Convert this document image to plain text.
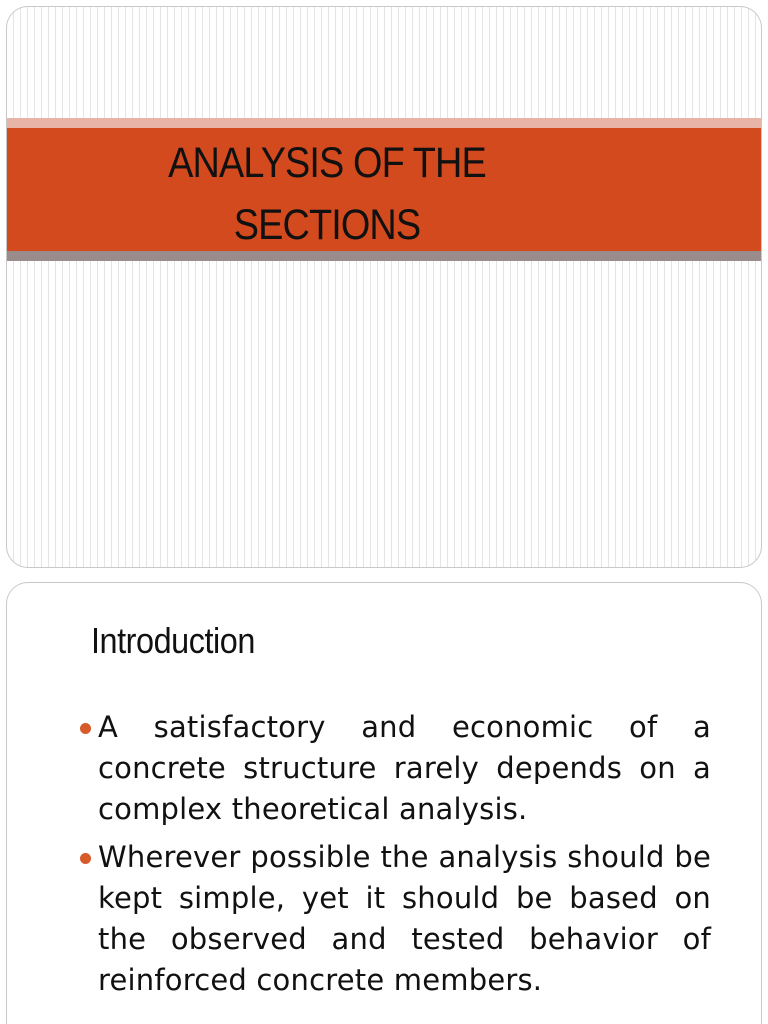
ANALYSIS OF THE
SECTIONS
Introduction
A satisfactory and economic of a concrete structure rarely depends on a complex theoretical analysis.
Wherever possible the analysis should be kept simple, yet it should be based on the observed and tested behavior of reinforced concrete members.
